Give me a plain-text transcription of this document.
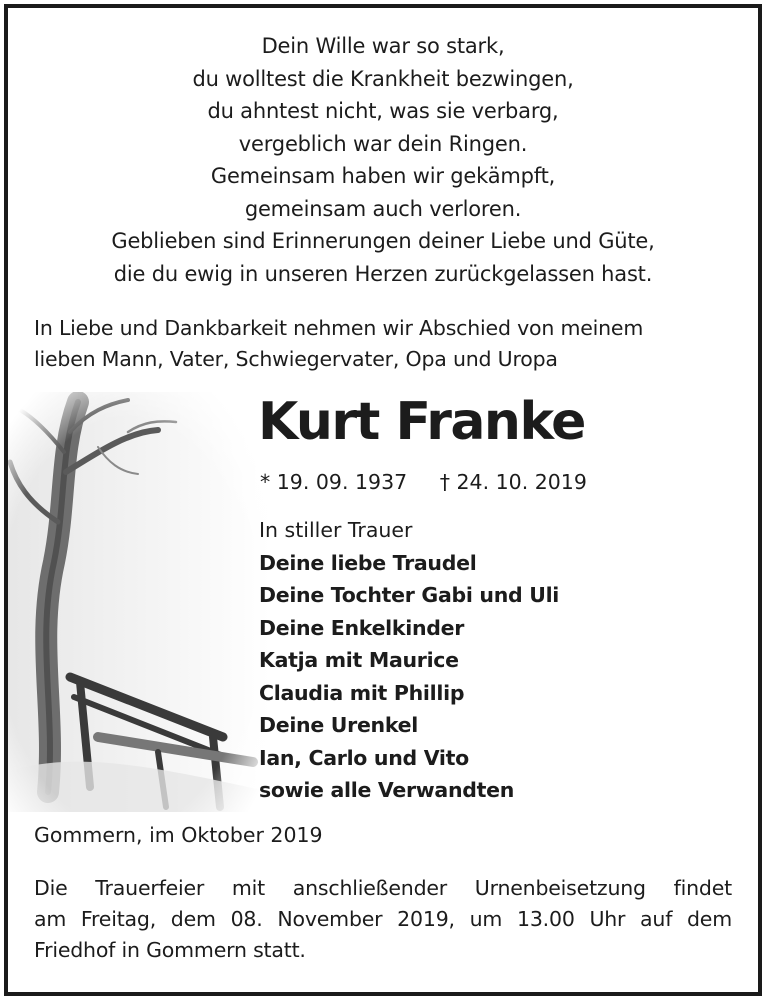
Dein Wille war so stark,
du wolltest die Krankheit bezwingen,
du ahntest nicht, was sie verbarg,
vergeblich war dein Ringen.
Gemeinsam haben wir gekämpft,
gemeinsam auch verloren.
Geblieben sind Erinnerungen deiner Liebe und Güte,
die du ewig in unseren Herzen zurückgelassen hast.
In Liebe und Dankbarkeit nehmen wir Abschied von meinem
lieben Mann, Vater, Schwiegervater, Opa und Uropa
Kurt Franke
* 19. 09. 1937 † 24. 10. 2019
In stiller Trauer
Deine liebe Traudel
Deine Tochter Gabi und Uli
Deine Enkelkinder
Katja mit Maurice
Claudia mit Phillip
Deine Urenkel
Ian, Carlo und Vito
sowie alle Verwandten
Gommern, im Oktober 2019
Die Trauerfeier mit anschließender Urnenbeisetzung findet
am Freitag, dem 08. November 2019, um 13.00 Uhr auf dem
Friedhof in Gommern statt.
